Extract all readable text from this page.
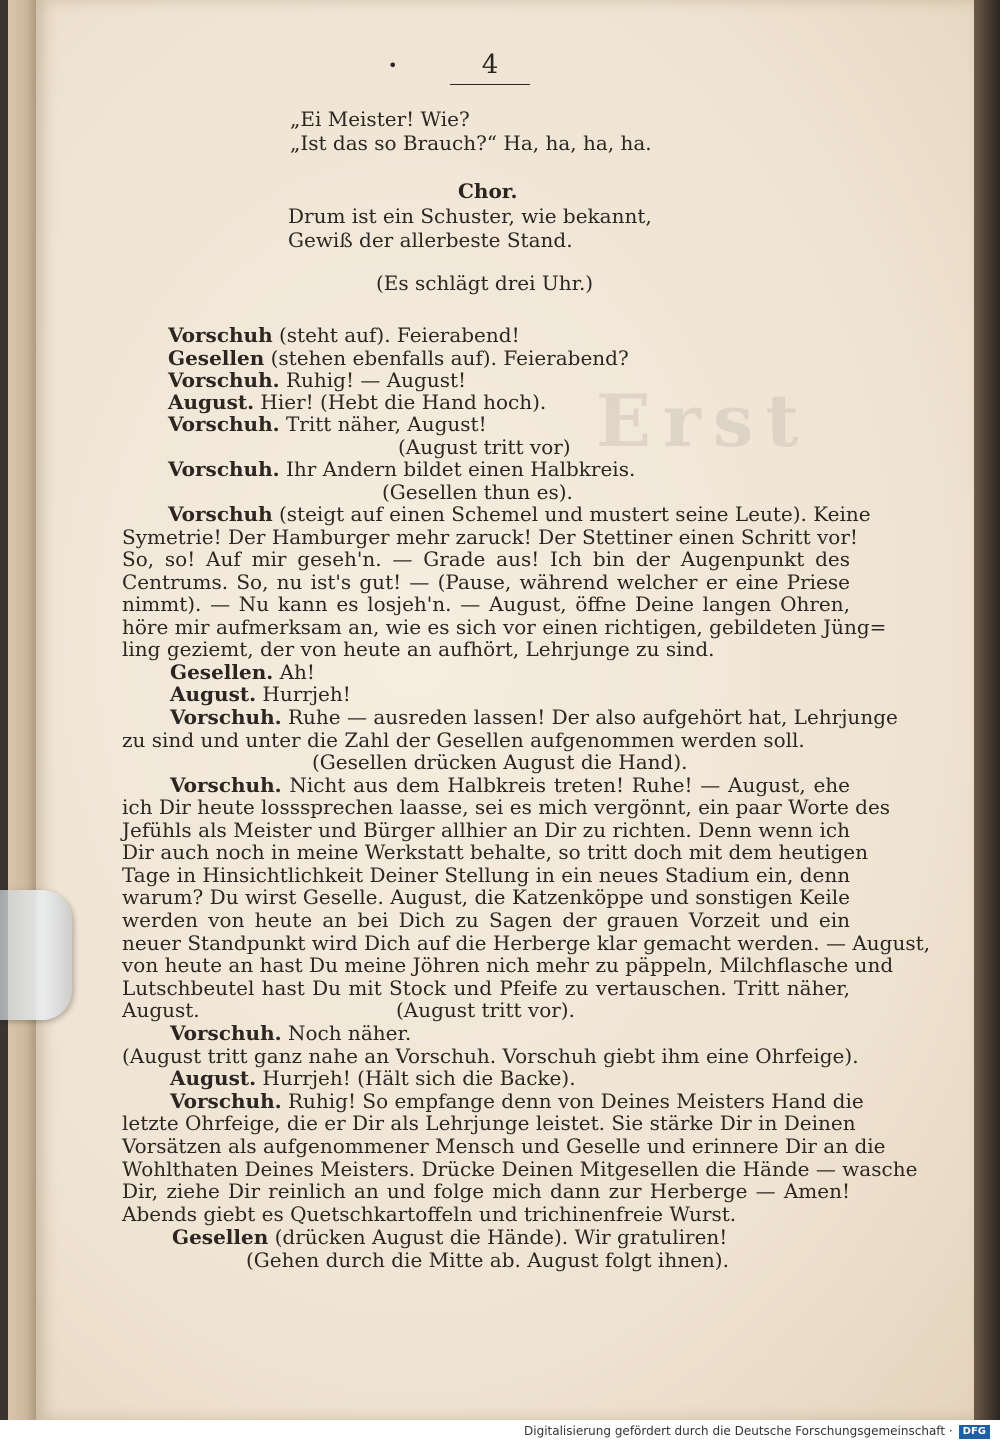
Erst
•	4
„Ei Meister! Wie?
„Ist das so Brauch?“ Ha, ha, ha, ha.
Chor.
Drum ist ein Schuster, wie bekannt,
Gewiß der allerbeste Stand.
(Es schlägt drei Uhr.)
Vorschuh (steht auf). Feierabend!
Gesellen (stehen ebenfalls auf). Feierabend?
Vorschuh. Ruhig! — August!
August. Hier! (Hebt die Hand hoch).
Vorschuh. Tritt näher, August!
(August tritt vor)
Vorschuh. Ihr Andern bildet einen Halbkreis.
(Gesellen thun es).
Vorschuh (steigt auf einen Schemel und mustert seine Leute). Keine
Symetrie! Der Hamburger mehr zaruck! Der Stettiner einen Schritt vor!
So, so! Auf mir geseh'n. — Grade aus! Ich bin der Augenpunkt des
Centrums. So, nu ist's gut! — (Pause, während welcher er eine Priese
nimmt). — Nu kann es losjeh'n. — August, öffne Deine langen Ohren,
höre mir aufmerksam an, wie es sich vor einen richtigen, gebildeten Jüng=
ling geziemt, der von heute an aufhört, Lehrjunge zu sind.
Gesellen. Ah!
August. Hurrjeh!
Vorschuh. Ruhe — ausreden lassen! Der also aufgehört hat, Lehrjunge
zu sind und unter die Zahl der Gesellen aufgenommen werden soll.
(Gesellen drücken August die Hand).
Vorschuh. Nicht aus dem Halbkreis treten! Ruhe! — August, ehe
ich Dir heute losssprechen laasse, sei es mich vergönnt, ein paar Worte des
Jefühls als Meister und Bürger allhier an Dir zu richten. Denn wenn ich
Dir auch noch in meine Werkstatt behalte, so tritt doch mit dem heutigen
Tage in Hinsichtlichkeit Deiner Stellung in ein neues Stadium ein, denn
warum? Du wirst Geselle. August, die Katzenköppe und sonstigen Keile
werden von heute an bei Dich zu Sagen der grauen Vorzeit und ein
neuer Standpunkt wird Dich auf die Herberge klar gemacht werden. — August,
von heute an hast Du meine Jöhren nich mehr zu päppeln, Milchflasche und
Lutschbeutel hast Du mit Stock und Pfeife zu vertauschen. Tritt näher,
August.	(August tritt vor).
Vorschuh. Noch näher.
(August tritt ganz nahe an Vorschuh. Vorschuh giebt ihm eine Ohrfeige).
August. Hurrjeh! (Hält sich die Backe).
Vorschuh. Ruhig! So empfange denn von Deines Meisters Hand die
letzte Ohrfeige, die er Dir als Lehrjunge leistet. Sie stärke Dir in Deinen
Vorsätzen als aufgenommener Mensch und Geselle und erinnere Dir an die
Wohlthaten Deines Meisters. Drücke Deinen Mitgesellen die Hände — wasche
Dir, ziehe Dir reinlich an und folge mich dann zur Herberge — Amen!
Abends giebt es Quetschkartoffeln und trichinenfreie Wurst.
Gesellen (drücken August die Hände). Wir gratuliren!
(Gehen durch die Mitte ab. August folgt ihnen).
Digitalisierung gefördert durch die Deutsche Forschungsgemeinschaft · DFG
